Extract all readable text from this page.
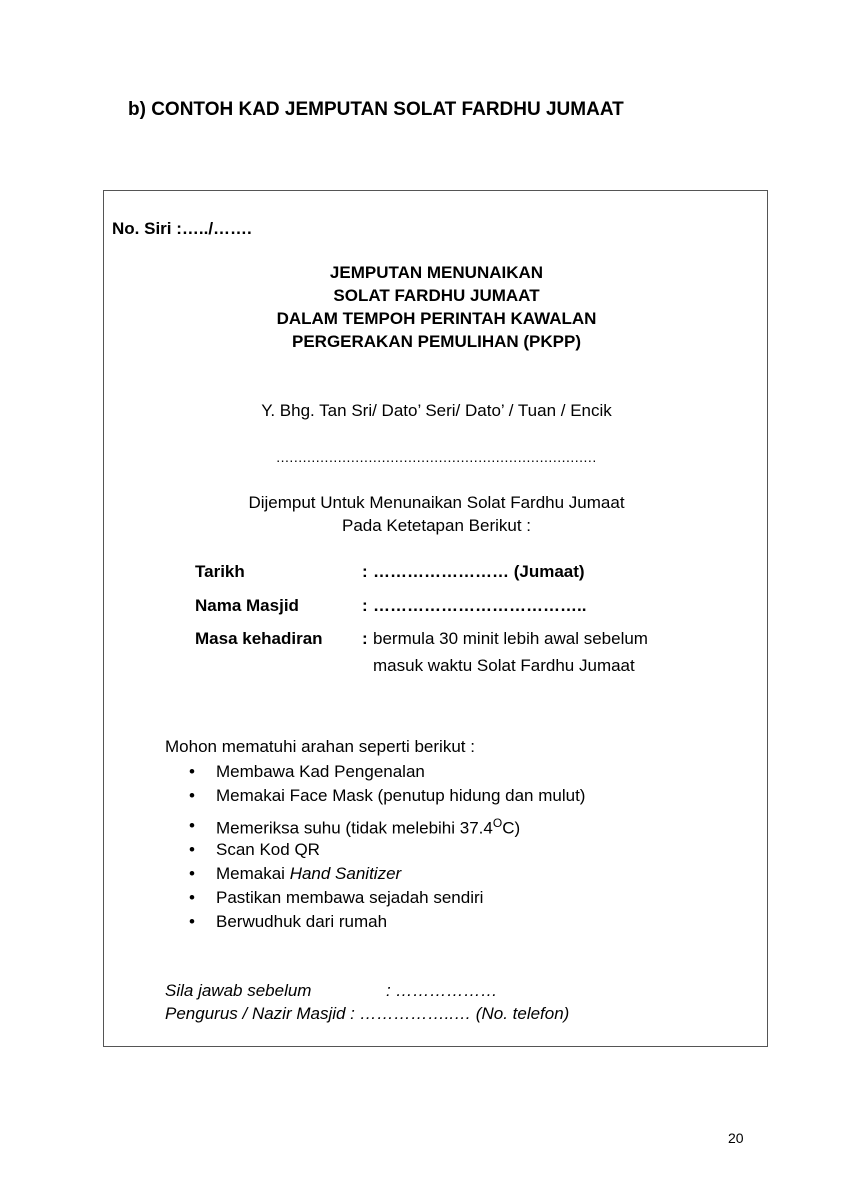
b) CONTOH KAD JEMPUTAN SOLAT FARDHU JUMAAT
No. Siri :…../…….
JEMPUTAN MENUNAIKAN
SOLAT FARDHU JUMAAT
DALAM TEMPOH PERINTAH KAWALAN
PERGERAKAN PEMULIHAN (PKPP)
Y. Bhg. Tan Sri/ Dato’ Seri/ Dato’ / Tuan / Encik
.........................................................................
Dijemput Untuk Menunaikan Solat Fardhu Jumaat
Pada Ketetapan Berikut :
Tarikh	: …………………… (Jumaat)
Nama Masjid	: ………………………………..
Masa kehadiran : bermula 30 minit lebih awal sebelum
masuk waktu Solat Fardhu Jumaat
Mohon mematuhi arahan seperti berikut :
• Membawa Kad Pengenalan
• Memakai Face Mask (penutup hidung dan mulut)
• Memeriksa suhu (tidak melebihi $37.4^OC$)
• Scan Kod QR
• Memakai Hand Sanitizer
• Pastikan membawa sejadah sendiri
• Berwudhuk dari rumah
Sila jawab sebelum	: ………………
Pengurus / Nazir Masjid : ……………..… (No. telefon)
20
